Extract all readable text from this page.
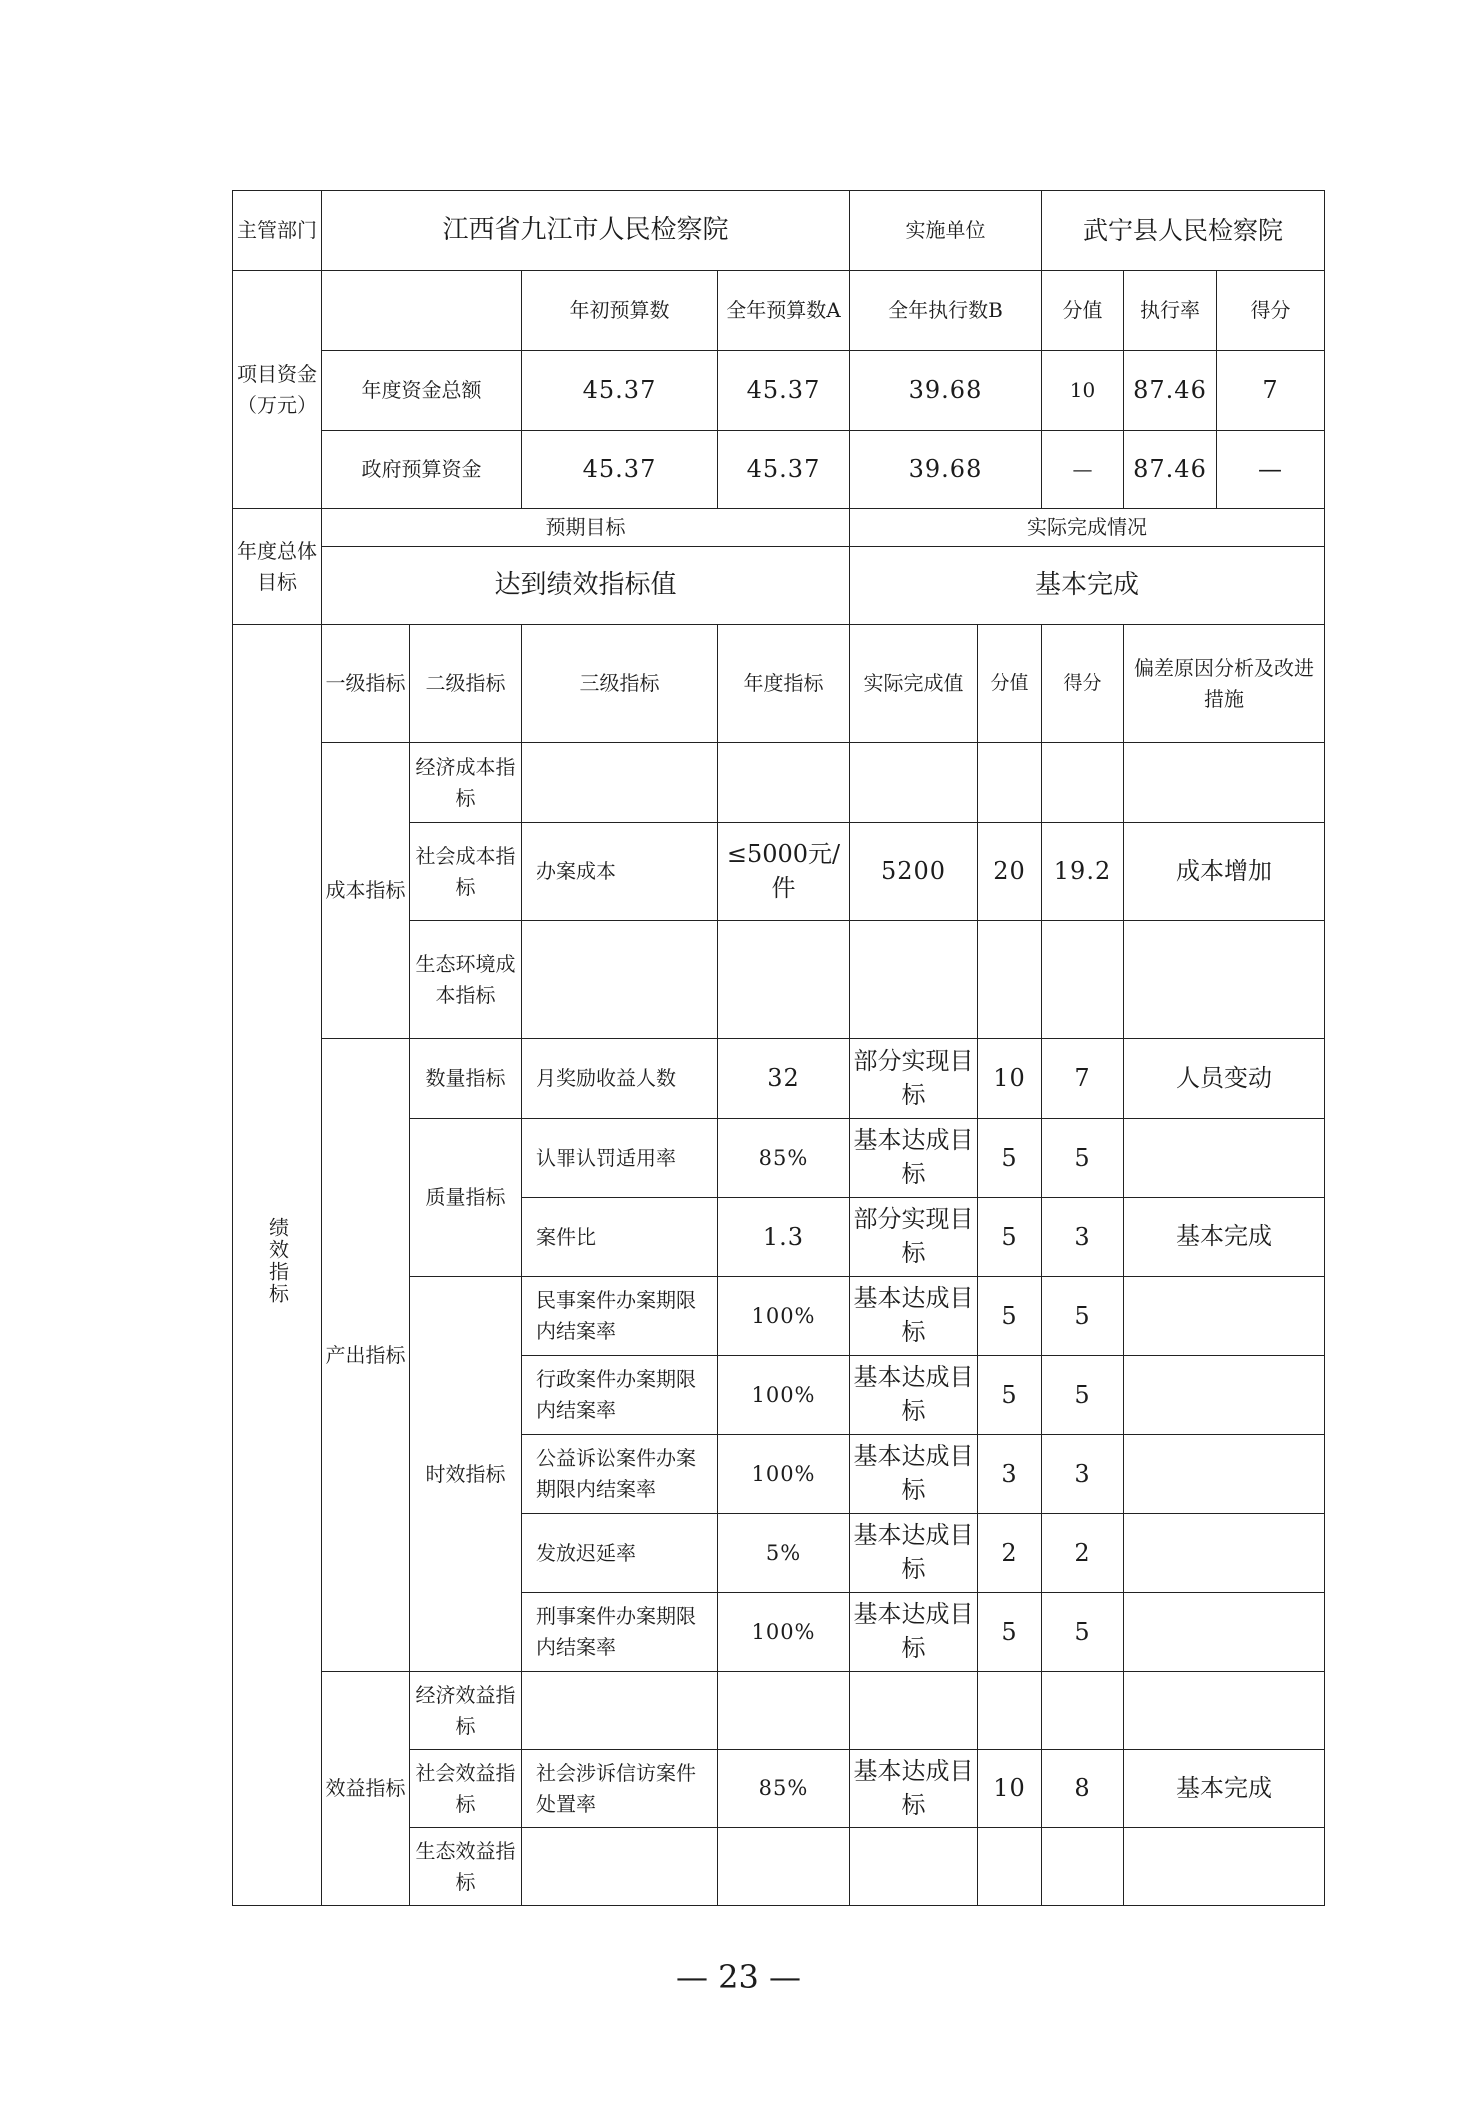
主管部门	江西省九江市人民检察院				实施单位		武宁县人民检察院		
项目资金（万元）			年初预算数	全年预算数A	全年执行数B		分值	执行率	得分
	年度资金总额		45.37	45.37	39.68		10	87.46	7
	政府预算资金		45.37	45.37	39.68		—	87.46	—
年度总体目标	预期目标				实际完成情况				
	达到绩效指标值				基本完成				
绩效指标	一级指标	二级指标	三级指标	年度指标	实际完成值	分值	得分	偏差原因分析及改进措施	
	成本指标	经济成本指标							
		社会成本指标	办案成本	≤5000元/件	5200	20	19.2	成本增加	
		生态环境成本指标							
	产出指标	数量指标	月奖励收益人数	32	部分实现目标	10	7	人员变动	
		质量指标	认罪认罚适用率	85%	基本达成目标	5	5		
			案件比	1.3	部分实现目标	5	3	基本完成	
		时效指标	民事案件办案期限内结案率	100%	基本达成目标	5	5		
			行政案件办案期限内结案率	100%	基本达成目标	5	5		
			公益诉讼案件办案期限内结案率	100%	基本达成目标	3	3		
			发放迟延率	5%	基本达成目标	2	2		
			刑事案件办案期限内结案率	100%	基本达成目标	5	5		
	效益指标	经济效益指标							
		社会效益指标	社会涉诉信访案件处置率	85%	基本达成目标	10	8	基本完成	
		生态效益指标							
— 23 —
